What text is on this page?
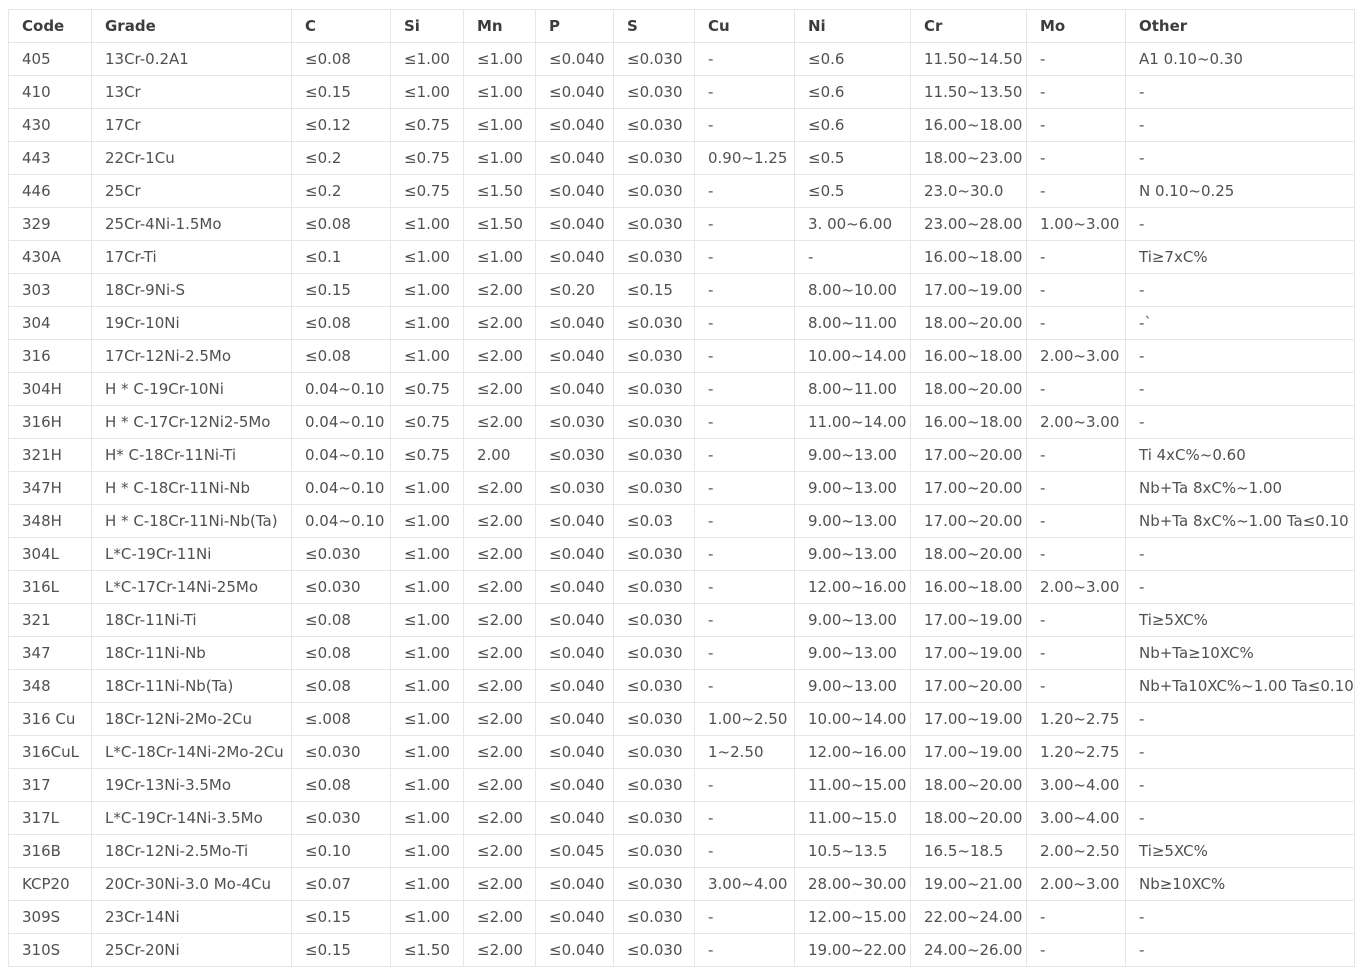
Code	Grade	C	Si	Mn	P	S	Cu	Ni	Cr	Mo	Other
405	13Cr-0.2A1	≤0.08	≤1.00	≤1.00	≤0.040	≤0.030	-	≤0.6	11.50~14.50	-	A1 0.10~0.30
410	13Cr	≤0.15	≤1.00	≤1.00	≤0.040	≤0.030	-	≤0.6	11.50~13.50	-	-
430	17Cr	≤0.12	≤0.75	≤1.00	≤0.040	≤0.030	-	≤0.6	16.00~18.00	-	-
443	22Cr-1Cu	≤0.2	≤0.75	≤1.00	≤0.040	≤0.030	0.90~1.25	≤0.5	18.00~23.00	-	-
446	25Cr	≤0.2	≤0.75	≤1.50	≤0.040	≤0.030	-	≤0.5	23.0~30.0	-	N 0.10~0.25
329	25Cr-4Ni-1.5Mo	≤0.08	≤1.00	≤1.50	≤0.040	≤0.030	-	3. 00~6.00	23.00~28.00	1.00~3.00	-
430A	17Cr-Ti	≤0.1	≤1.00	≤1.00	≤0.040	≤0.030	-	-	16.00~18.00	-	Ti≥7xC%
303	18Cr-9Ni-S	≤0.15	≤1.00	≤2.00	≤0.20	≤0.15	-	8.00~10.00	17.00~19.00	-	-
304	19Cr-10Ni	≤0.08	≤1.00	≤2.00	≤0.040	≤0.030	-	8.00~11.00	18.00~20.00	-	-`
316	17Cr-12Ni-2.5Mo	≤0.08	≤1.00	≤2.00	≤0.040	≤0.030	-	10.00~14.00	16.00~18.00	2.00~3.00	-
304H	H * C-19Cr-10Ni	0.04~0.10	≤0.75	≤2.00	≤0.040	≤0.030	-	8.00~11.00	18.00~20.00	-	-
316H	H * C-17Cr-12Ni2-5Mo	0.04~0.10	≤0.75	≤2.00	≤0.030	≤0.030	-	11.00~14.00	16.00~18.00	2.00~3.00	-
321H	H* C-18Cr-11Ni-Ti	0.04~0.10	≤0.75	2.00	≤0.030	≤0.030	-	9.00~13.00	17.00~20.00	-	Ti 4xC%~0.60
347H	H * C-18Cr-11Ni-Nb	0.04~0.10	≤1.00	≤2.00	≤0.030	≤0.030	-	9.00~13.00	17.00~20.00	-	Nb+Ta 8xC%~1.00
348H	H * C-18Cr-11Ni-Nb(Ta)	0.04~0.10	≤1.00	≤2.00	≤0.040	≤0.03	-	9.00~13.00	17.00~20.00	-	Nb+Ta 8xC%~1.00 Ta≤0.10
304L	L*C-19Cr-11Ni	≤0.030	≤1.00	≤2.00	≤0.040	≤0.030	-	9.00~13.00	18.00~20.00	-	-
316L	L*C-17Cr-14Ni-25Mo	≤0.030	≤1.00	≤2.00	≤0.040	≤0.030	-	12.00~16.00	16.00~18.00	2.00~3.00	-
321	18Cr-11Ni-Ti	≤0.08	≤1.00	≤2.00	≤0.040	≤0.030	-	9.00~13.00	17.00~19.00	-	Ti≥5XC%
347	18Cr-11Ni-Nb	≤0.08	≤1.00	≤2.00	≤0.040	≤0.030	-	9.00~13.00	17.00~19.00	-	Nb+Ta≥10XC%
348	18Cr-11Ni-Nb(Ta)	≤0.08	≤1.00	≤2.00	≤0.040	≤0.030	-	9.00~13.00	17.00~20.00	-	Nb+Ta10XC%~1.00 Ta≤0.10
316 Cu	18Cr-12Ni-2Mo-2Cu	≤.008	≤1.00	≤2.00	≤0.040	≤0.030	1.00~2.50	10.00~14.00	17.00~19.00	1.20~2.75	-
316CuL	L*C-18Cr-14Ni-2Mo-2Cu	≤0.030	≤1.00	≤2.00	≤0.040	≤0.030	1~2.50	12.00~16.00	17.00~19.00	1.20~2.75	-
317	19Cr-13Ni-3.5Mo	≤0.08	≤1.00	≤2.00	≤0.040	≤0.030	-	11.00~15.00	18.00~20.00	3.00~4.00	-
317L	L*C-19Cr-14Ni-3.5Mo	≤0.030	≤1.00	≤2.00	≤0.040	≤0.030	-	11.00~15.0	18.00~20.00	3.00~4.00	-
316B	18Cr-12Ni-2.5Mo-Ti	≤0.10	≤1.00	≤2.00	≤0.045	≤0.030	-	10.5~13.5	16.5~18.5	2.00~2.50	Ti≥5XC%
KCP20	20Cr-30Ni-3.0 Mo-4Cu	≤0.07	≤1.00	≤2.00	≤0.040	≤0.030	3.00~4.00	28.00~30.00	19.00~21.00	2.00~3.00	Nb≥10XC%
309S	23Cr-14Ni	≤0.15	≤1.00	≤2.00	≤0.040	≤0.030	-	12.00~15.00	22.00~24.00	-	-
310S	25Cr-20Ni	≤0.15	≤1.50	≤2.00	≤0.040	≤0.030	-	19.00~22.00	24.00~26.00	-	-
